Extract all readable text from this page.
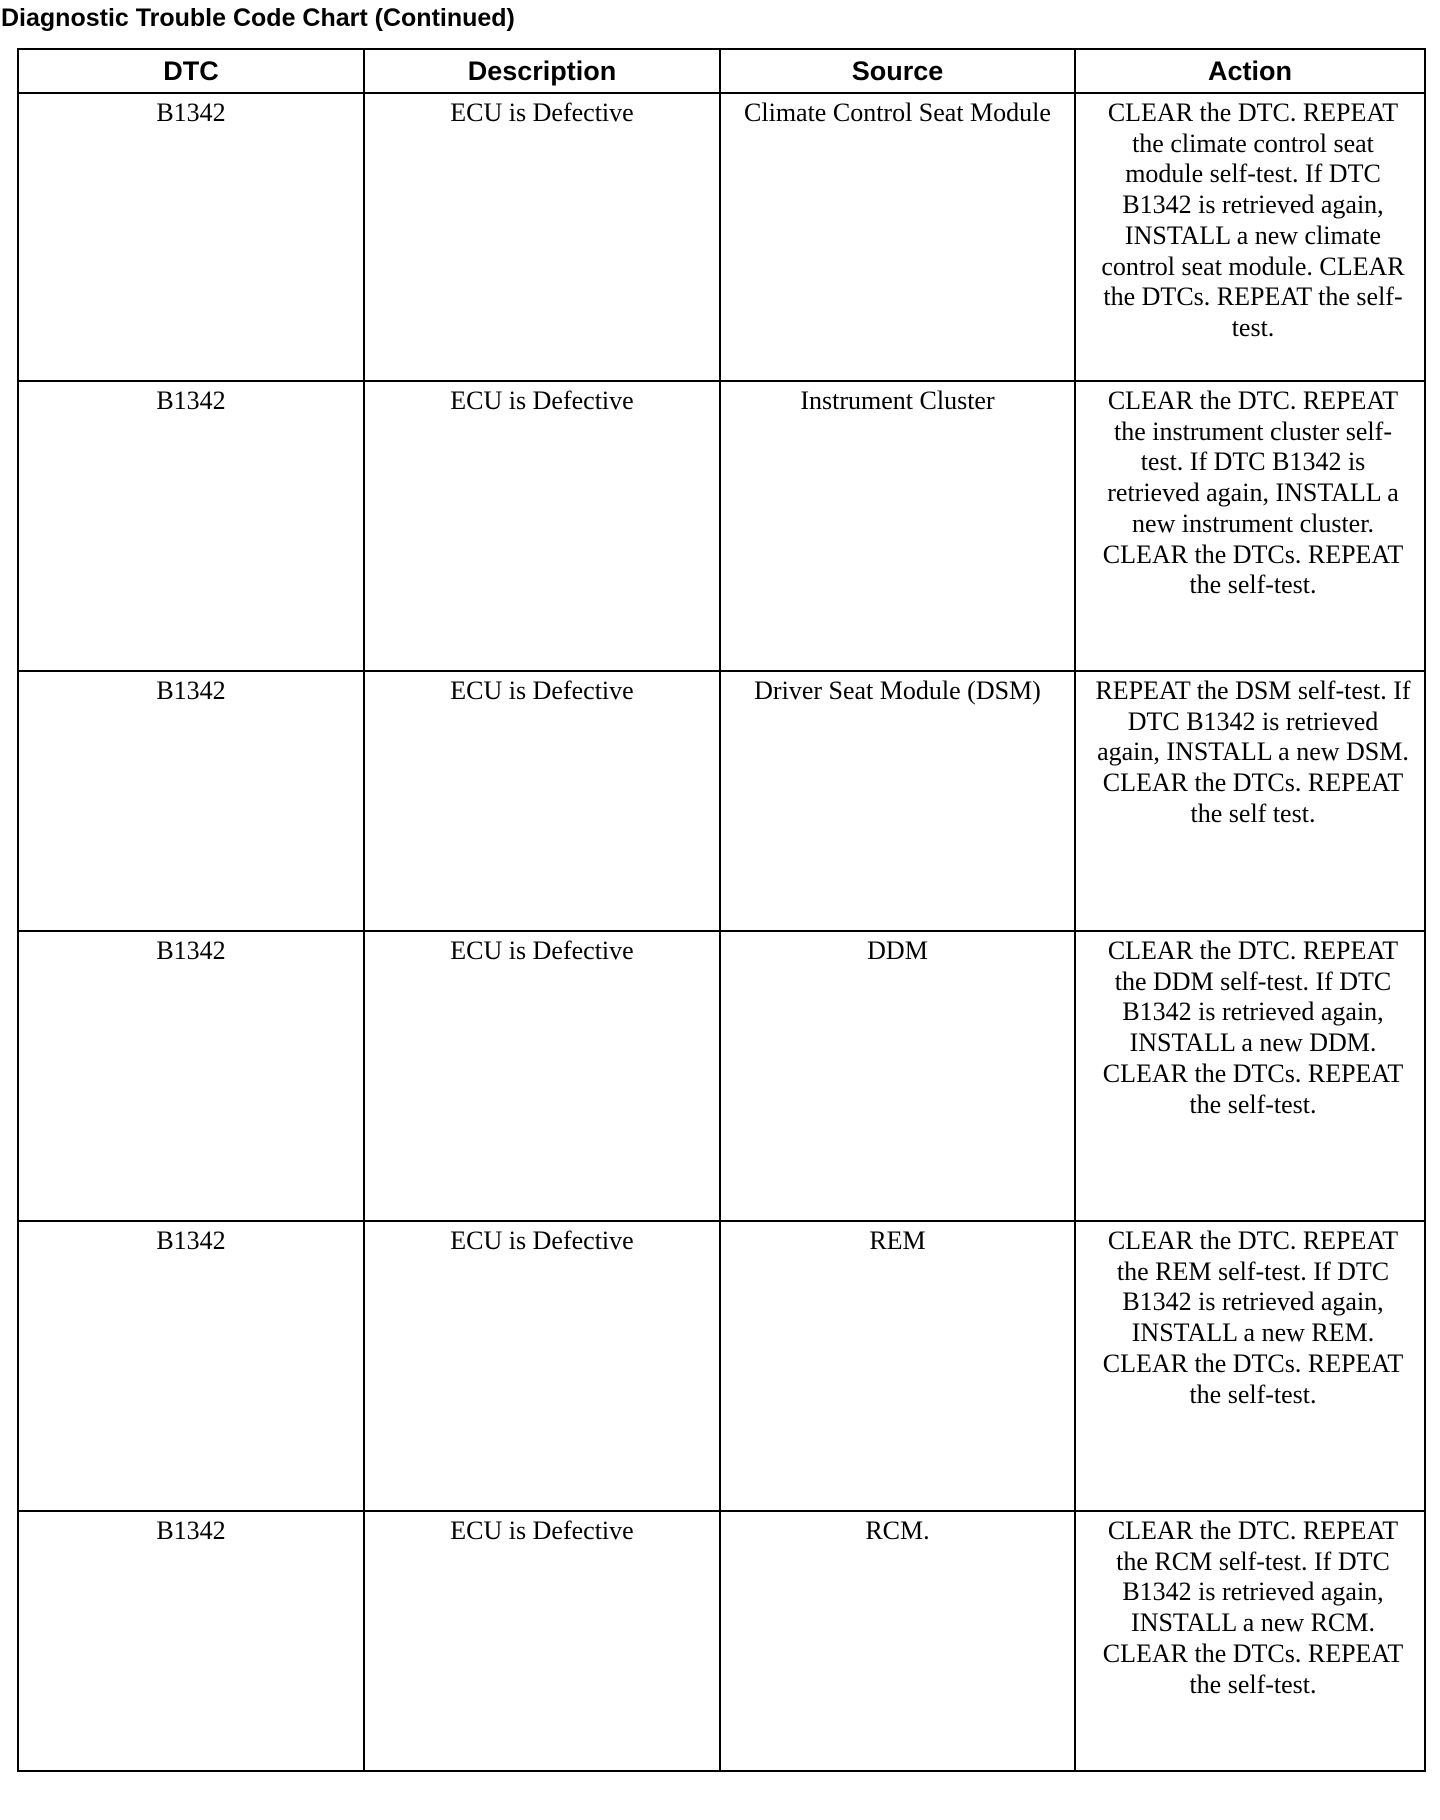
Diagnostic Trouble Code Chart (Continued)
DTC	Description	Source	Action

B1342	ECU is Defective	Climate Control Seat Module	CLEAR the DTC. REPEAT the climate control seat module self-test. If DTC B1342 is retrieved again, INSTALL a new climate control seat module. CLEAR the DTCs. REPEAT the self-test.

B1342	ECU is Defective	Instrument Cluster	CLEAR the DTC. REPEAT the instrument cluster self-test. If DTC B1342 is retrieved again, INSTALL a new instrument cluster. CLEAR the DTCs. REPEAT the self-test.

B1342	ECU is Defective	Driver Seat Module (DSM)	REPEAT the DSM self-test. If DTC B1342 is retrieved again, INSTALL a new DSM. CLEAR the DTCs. REPEAT the self test.

B1342	ECU is Defective	DDM	CLEAR the DTC. REPEAT the DDM self-test. If DTC B1342 is retrieved again, INSTALL a new DDM.
CLEAR the DTCs. REPEAT the self-test.

B1342	ECU is Defective	REM	CLEAR the DTC. REPEAT the REM self-test. If DTC B1342 is retrieved again, INSTALL a new REM.
CLEAR the DTCs. REPEAT the self-test.

B1342	ECU is Defective	RCM.	CLEAR the DTC. REPEAT the RCM self-test. If DTC B1342 is retrieved again, INSTALL a new RCM. CLEAR the DTCs. REPEAT the self-test.
